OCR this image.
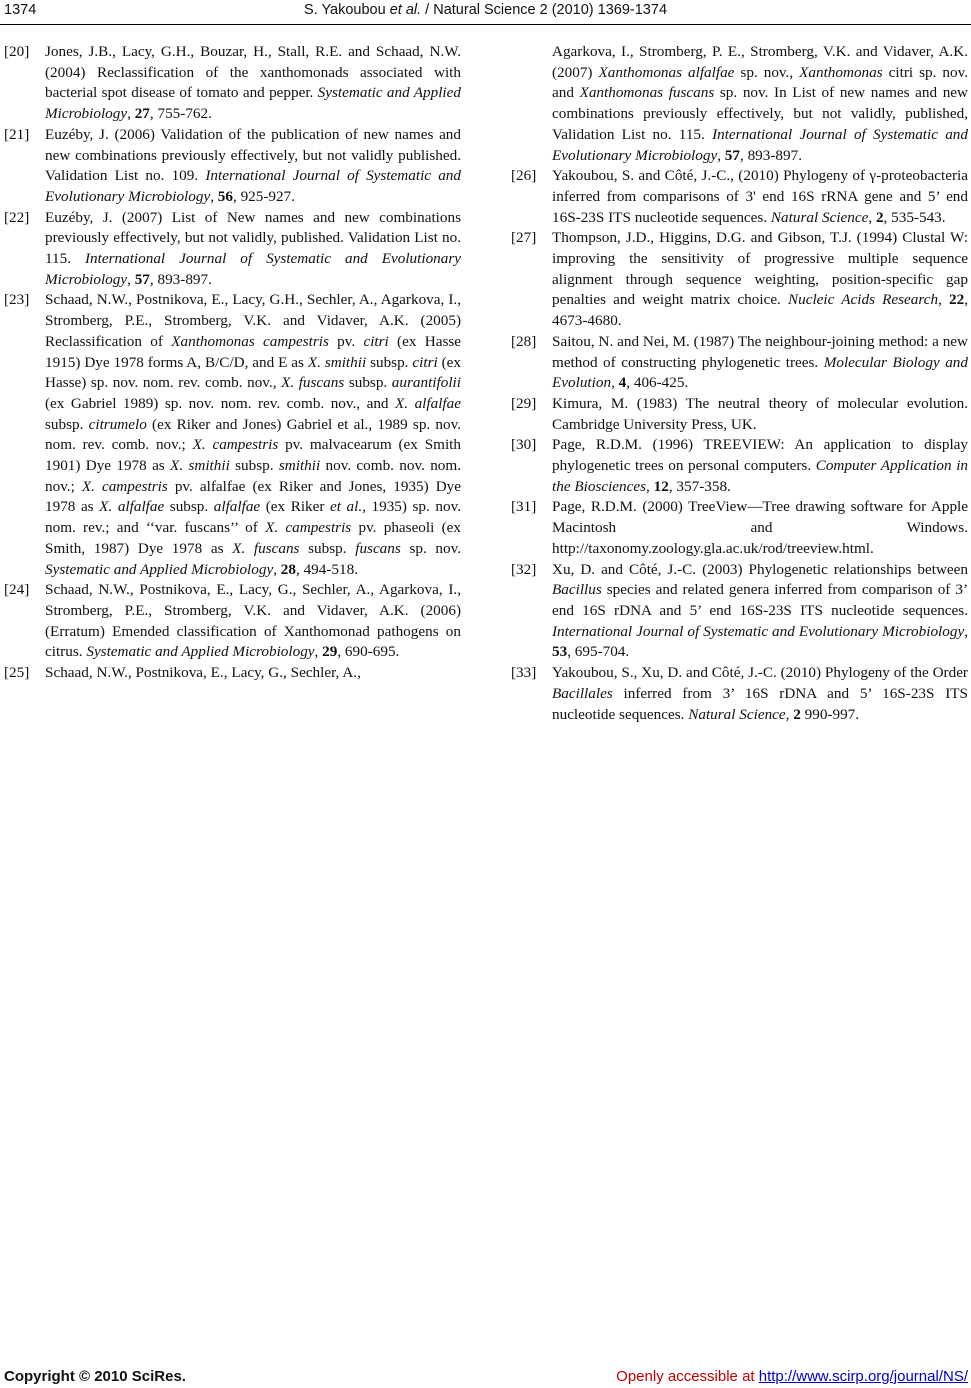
1374	S. Yakoubou et al. / Natural Science 2 (2010) 1369-1374

[20] Jones, J.B., Lacy, G.H., Bouzar, H., Stall, R.E. and Schaad, N.W. (2004) Reclassification of the xanthomonads associated with bacterial spot disease of tomato and pepper. Systematic and Applied Microbiology, 27, 755-762.

[21] Euzéby, J. (2006) Validation of the publication of new names and new combinations previously effectively, but not validly published. Validation List no. 109. International Journal of Systematic and Evolutionary Microbiology, 56, 925-927.

[22] Euzéby, J. (2007) List of New names and new combinations previously effectively, but not validly, published. Validation List no. 115. International Journal of Systematic and Evolutionary Microbiology, 57, 893-897.

[23] Schaad, N.W., Postnikova, E., Lacy, G.H., Sechler, A., Agarkova, I., Stromberg, P.E., Stromberg, V.K. and Vidaver, A.K. (2005) Reclassification of Xanthomonas campestris pv. citri (ex Hasse 1915) Dye 1978 forms A, B/C/D, and E as X. smithii subsp. citri (ex Hasse) sp. nov. nom. rev. comb. nov., X. fuscans subsp. aurantifolii (ex Gabriel 1989) sp. nov. nom. rev. comb. nov., and X. alfalfae subsp. citrumelo (ex Riker and Jones) Gabriel et al., 1989 sp. nov. nom. rev. comb. nov.; X. campestris pv. malvacearum (ex Smith 1901) Dye 1978 as X. smithii subsp. smithii nov. comb. nov. nom. nov.; X. campestris pv. alfalfae (ex Riker and Jones, 1935) Dye 1978 as X. alfalfae subsp. alfalfae (ex Riker et al., 1935) sp. nov. nom. rev.; and ‘‘var. fuscans’’ of X. campestris pv. phaseoli (ex Smith, 1987) Dye 1978 as X. fuscans subsp. fuscans sp. nov. Systematic and Applied Microbiology, 28, 494-518.

[24] Schaad, N.W., Postnikova, E., Lacy, G., Sechler, A., Agarkova, I., Stromberg, P.E., Stromberg, V.K. and Vidaver, A.K. (2006) (Erratum) Emended classification of Xanthomonad pathogens on citrus. Systematic and Applied Microbiology, 29, 690-695.

[25] Schaad, N.W., Postnikova, E., Lacy, G., Sechler, A.,

Agarkova, I., Stromberg, P. E., Stromberg, V.K. and Vidaver, A.K. (2007) Xanthomonas alfalfae sp. nov., Xanthomonas citri sp. nov. and Xanthomonas fuscans sp. nov. In List of new names and new combinations previously effectively, but not validly, published, Validation List no. 115. International Journal of Systematic and Evolutionary Microbiology, 57, 893-897.

[26] Yakoubou, S. and Côté, J.-C., (2010) Phylogeny of γ-proteobacteria inferred from comparisons of 3' end 16S rRNA gene and 5’ end 16S-23S ITS nucleotide sequences. Natural Science, 2, 535-543.

[27] Thompson, J.D., Higgins, D.G. and Gibson, T.J. (1994) Clustal W: improving the sensitivity of progressive multiple sequence alignment through sequence weighting, position-specific gap penalties and weight matrix choice. Nucleic Acids Research, 22, 4673-4680.

[28] Saitou, N. and Nei, M. (1987) The neighbour-joining method: a new method of constructing phylogenetic trees. Molecular Biology and Evolution, 4, 406-425.

[29] Kimura, M. (1983) The neutral theory of molecular evolution. Cambridge University Press, UK.

[30] Page, R.D.M. (1996) TREEVIEW: An application to display phylogenetic trees on personal computers. Computer Application in the Biosciences, 12, 357-358.

[31] Page, R.D.M. (2000) TreeView—Tree drawing software for Apple Macintosh and Windows. http://taxonomy.zoology.gla.ac.uk/rod/treeview.html.

[32] Xu, D. and Côté, J.-C. (2003) Phylogenetic relationships between Bacillus species and related genera inferred from comparison of 3’ end 16S rDNA and 5’ end 16S-23S ITS nucleotide sequences. International Journal of Systematic and Evolutionary Microbiology, 53, 695-704.

[33] Yakoubou, S., Xu, D. and Côté, J.-C. (2010) Phylogeny of the Order Bacillales inferred from 3’ 16S rDNA and 5’ 16S-23S ITS nucleotide sequences. Natural Science, 2 990-997.

Copyright © 2010 SciRes.	Openly accessible at http://www.scirp.org/journal/NS/
